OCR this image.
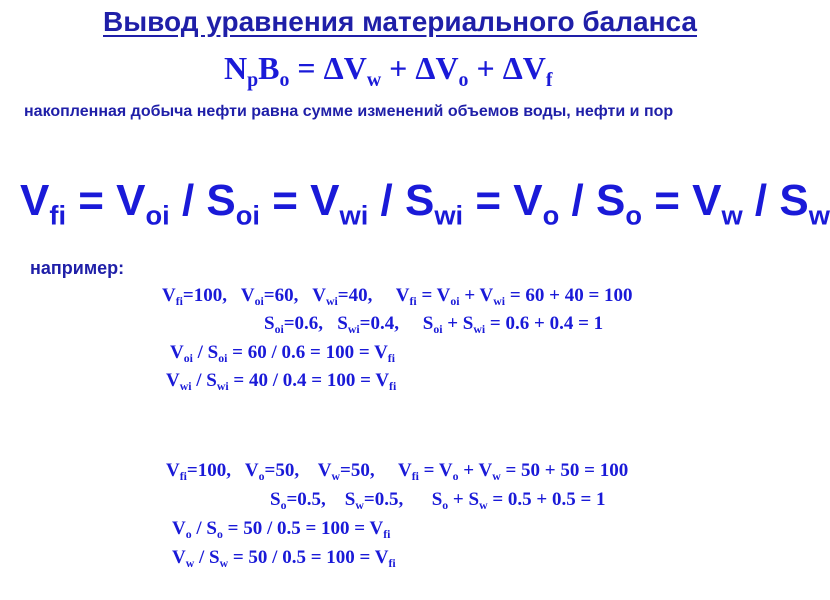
Вывод уравнения материального баланса
$N_pB_o = \Delta V_w + \Delta V_o + \Delta V_f$
накопленная добыча нефти равна сумме изменений объемов воды, нефти и пор
$V_{fi} = V_{oi} / S_{oi} = V_{wi} / S_{wi} = V_o / S_o = V_w / S_w$
например:
$V_{fi}=100$,   $V_{oi}=60$,   $V_{wi}=40$,     $V_{fi} = V_{oi} + V_{wi} = 60 + 40 = 100$
$S_{oi}=0.6$,   $S_{wi}=0.4$,     $S_{oi} + S_{wi} = 0.6 + 0.4 = 1$
$V_{oi} / S_{oi} = 60 / 0.6 = 100 = V_{fi}$
$V_{wi} / S_{wi} = 40 / 0.4 = 100 = V_{fi}$
$V_{fi}=100$,   $V_o=50$,    $V_w=50$,     $V_{fi} = V_o + V_w = 50 + 50 = 100$
$S_o=0.5$,    $S_w=0.5$,      $S_o + S_w = 0.5 + 0.5 = 1$
$V_o / S_o = 50 / 0.5 = 100 = V_{fi}$
$V_w / S_w = 50 / 0.5 = 100 = V_{fi}$
